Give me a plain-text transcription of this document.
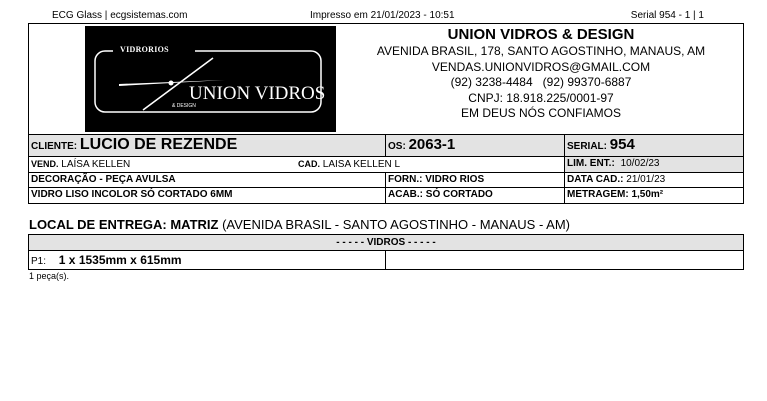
ECG Glass | ecgsistemas.com	Impresso em 21/01/2023 - 10:51	Serial 954 - 1 | 1
VIDRORIOS
UNION VIDROS
& DESIGN
UNION VIDROS & DESIGN
AVENIDA BRASIL, 178, SANTO AGOSTINHO, MANAUS, AM
VENDAS.UNIONVIDROS@GMAIL.COM
(92) 3238-4484   (92) 99370-6887
CNPJ: 18.918.225/0001-97
EM DEUS NÓS CONFIAMOS
CLIENTE: LUCIO DE REZENDE	OS: 2063-1	SERIAL: 954
VEND. LAÍSA KELLEN	CAD. LAISA KELLEN L	LIM. ENT.: 10/02/23
DECORAÇÃO - PEÇA AVULSA	FORN.: VIDRO RIOS	DATA CAD.: 21/01/23
VIDRO LISO INCOLOR SÓ CORTADO 6MM	ACAB.: SÓ CORTADO	METRAGEM: 1,50m²
LOCAL DE ENTREGA: MATRIZ (AVENIDA BRASIL - SANTO AGOSTINHO - MANAUS - AM)
- - - - - VIDROS - - - - -
P1: 1 x 1535mm x 615mm
1 peça(s).
